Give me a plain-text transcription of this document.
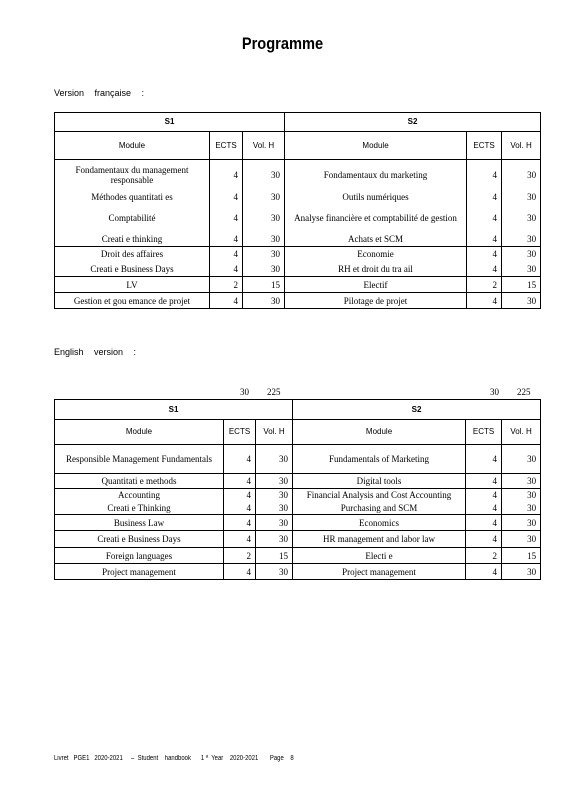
Programme
Version française :
S1			S2		
Module	ECTS	Vol. H	Module	ECTS	Vol. H
Fondamentaux du management responsable	4	30	Fondamentaux du marketing	4	30
Méthodes quantitati es	4	30	Outils numériques	4	30
Comptabilité	4	30	Analyse financière et comptabilité de gestion	4	30
Creati e thinking	4	30	Achats et SCM	4	30
Droit des affaires	4	30	Economie	4	30
Creati e Business Days	4	30	RH et droit du tra ail	4	30
LV	2	15	Electif	2	15
Gestion et gou emance de projet	4	30	Pilotage de projet	4	30
English version :
30 225	30 225
S1			S2		
Module	ECTS	Vol. H	Module	ECTS	Vol. H
Responsible Management Fundamentals	4	30	Fundamentals of Marketing	4	30
Quantitati e methods	4	30	Digital tools	4	30
Accounting	4	30	Financial Analysis and Cost Accounting	4	30
Creati e Thinking	4	30	Purchasing and SCM	4	30
Business Law	4	30	Economics	4	30
Creati e Business Days	4	30	HR management and labor law	4	30
Foreign languages	2	15	Electi e	2	15
Project management	4	30	Project management	4	30
Livret   PGE1   2020-2021     –  Student    handbook      1 ª  Year    2020-2021       Page    8
